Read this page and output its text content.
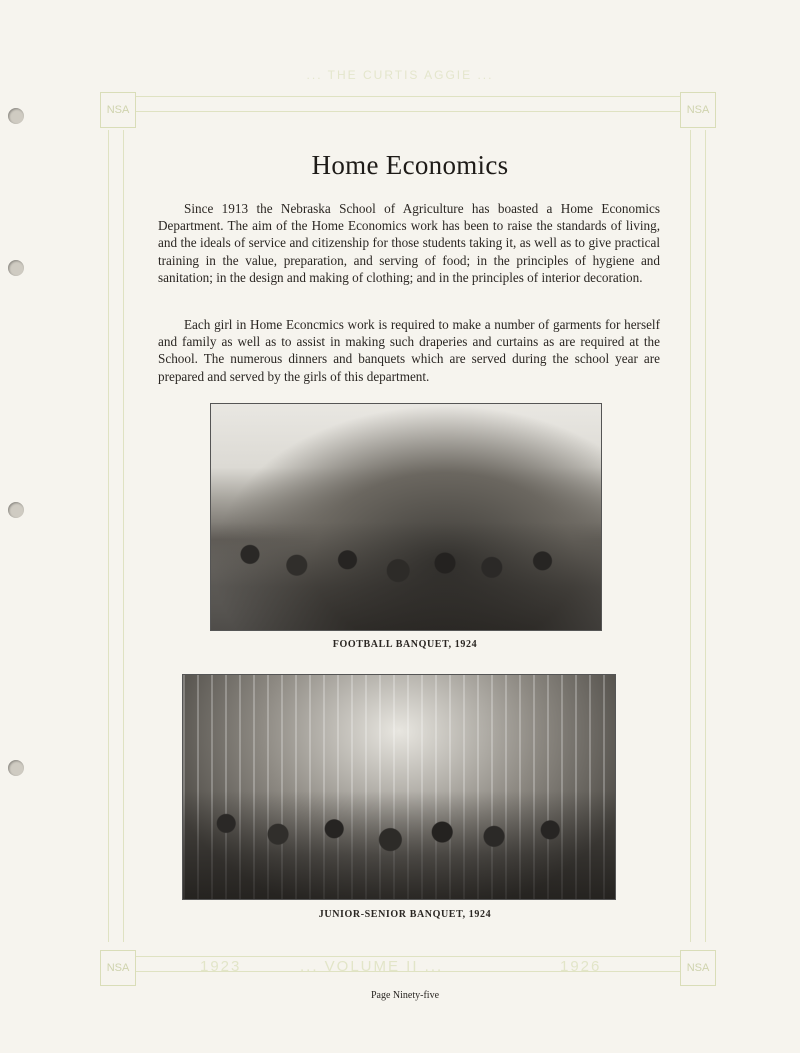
NSA	NSA
NSA	NSA
... THE CURTIS AGGIE ...
1923	... VOLUME II ...	1926
Home Economics

Since 1913 the Nebraska School of Agriculture has boasted a Home Economics Department. The aim of the Home Economics work has been to raise the standards of living, and the ideals of service and citizenship for those students taking it, as well as to give practical training in the value, preparation, and serving of food; in the principles of hygiene and sanitation; in the design and making of clothing; and in the principles of interior decoration.

Each girl in Home Econcmics work is required to make a number of garments for herself and family as well as to assist in making such draperies and curtains as are required at the School. The numerous dinners and banquets which are served during the school year are prepared and served by the girls of this department.

FOOTBALL BANQUET, 1924
JUNIOR-SENIOR BANQUET, 1924
Page Ninety-five
